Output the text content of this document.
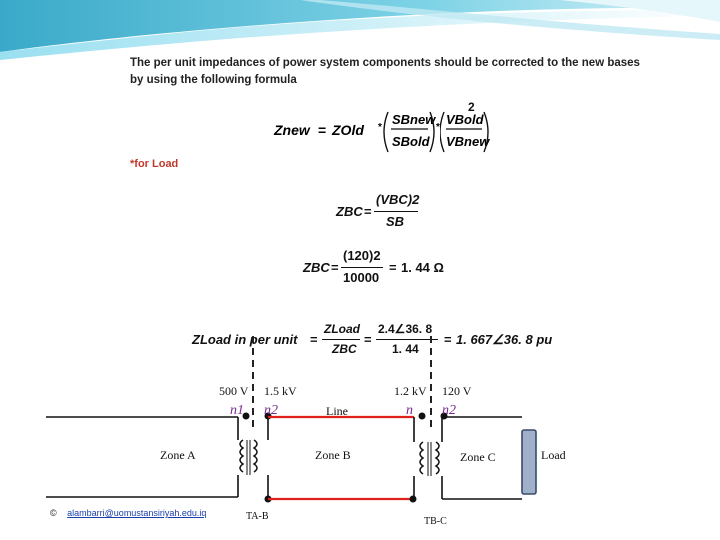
The per unit impedances of power system components should be corrected to the new bases by using the following formula
Znew = ZOld *
SBnew
SBold
*
VBold
VBnew
2
*for Load
ZBC =
(VBC)2
SB
ZBC =
(120)2
10000
= 1. 44 Ω
ZLoad in per unit =
ZLoad
ZBC
=
2.4∠36. 8
1. 44
= 1. 667∠36. 8 pu
500 V 1.5 kV	1.2 kV 120 V
n1 n2	n n2
Line
Zone A	Zone B	Zone C	Load
TA-B	TB-C
© alambarri@uomustansiriyah.edu.iq
